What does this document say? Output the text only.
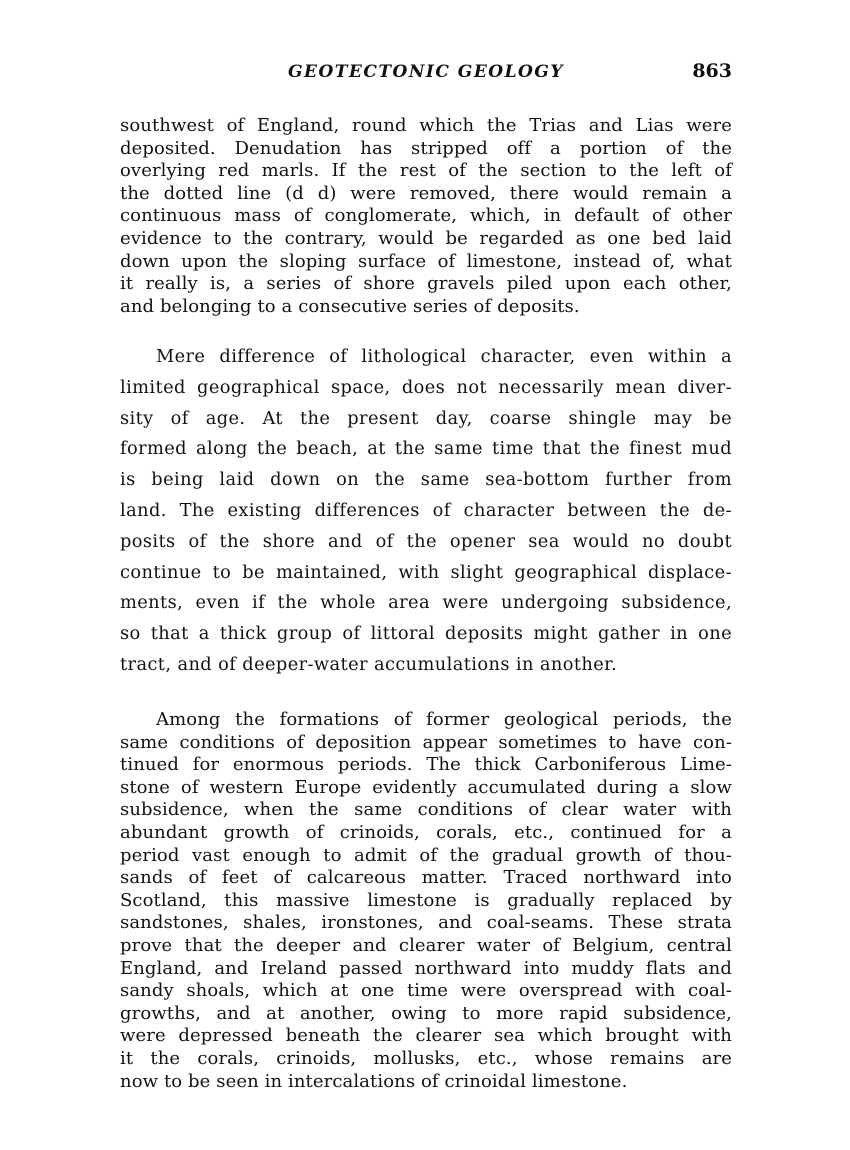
GEOTECTONIC GEOLOGY	863
southwest of England, round which the Trias and Lias were
deposited. Denudation has stripped off a portion of the
overlying red marls. If the rest of the section to the left of
the dotted line (d d) were removed, there would remain a
continuous mass of conglomerate, which, in default of other
evidence to the contrary, would be regarded as one bed laid
down upon the sloping surface of limestone, instead of, what
it really is, a series of shore gravels piled upon each other,
and belonging to a consecutive series of deposits.
Mere difference of lithological character, even within a
limited geographical space, does not necessarily mean diver-
sity of age. At the present day, coarse shingle may be
formed along the beach, at the same time that the finest mud
is being laid down on the same sea-bottom further from
land. The existing differences of character between the de-
posits of the shore and of the opener sea would no doubt
continue to be maintained, with slight geographical displace-
ments, even if the whole area were undergoing subsidence,
so that a thick group of littoral deposits might gather in one
tract, and of deeper-water accumulations in another.
Among the formations of former geological periods, the
same conditions of deposition appear sometimes to have con-
tinued for enormous periods. The thick Carboniferous Lime-
stone of western Europe evidently accumulated during a slow
subsidence, when the same conditions of clear water with
abundant growth of crinoids, corals, etc., continued for a
period vast enough to admit of the gradual growth of thou-
sands of feet of calcareous matter. Traced northward into
Scotland, this massive limestone is gradually replaced by
sandstones, shales, ironstones, and coal-seams. These strata
prove that the deeper and clearer water of Belgium, central
England, and Ireland passed northward into muddy flats and
sandy shoals, which at one time were overspread with coal-
growths, and at another, owing to more rapid subsidence,
were depressed beneath the clearer sea which brought with
it the corals, crinoids, mollusks, etc., whose remains are
now to be seen in intercalations of crinoidal limestone.
